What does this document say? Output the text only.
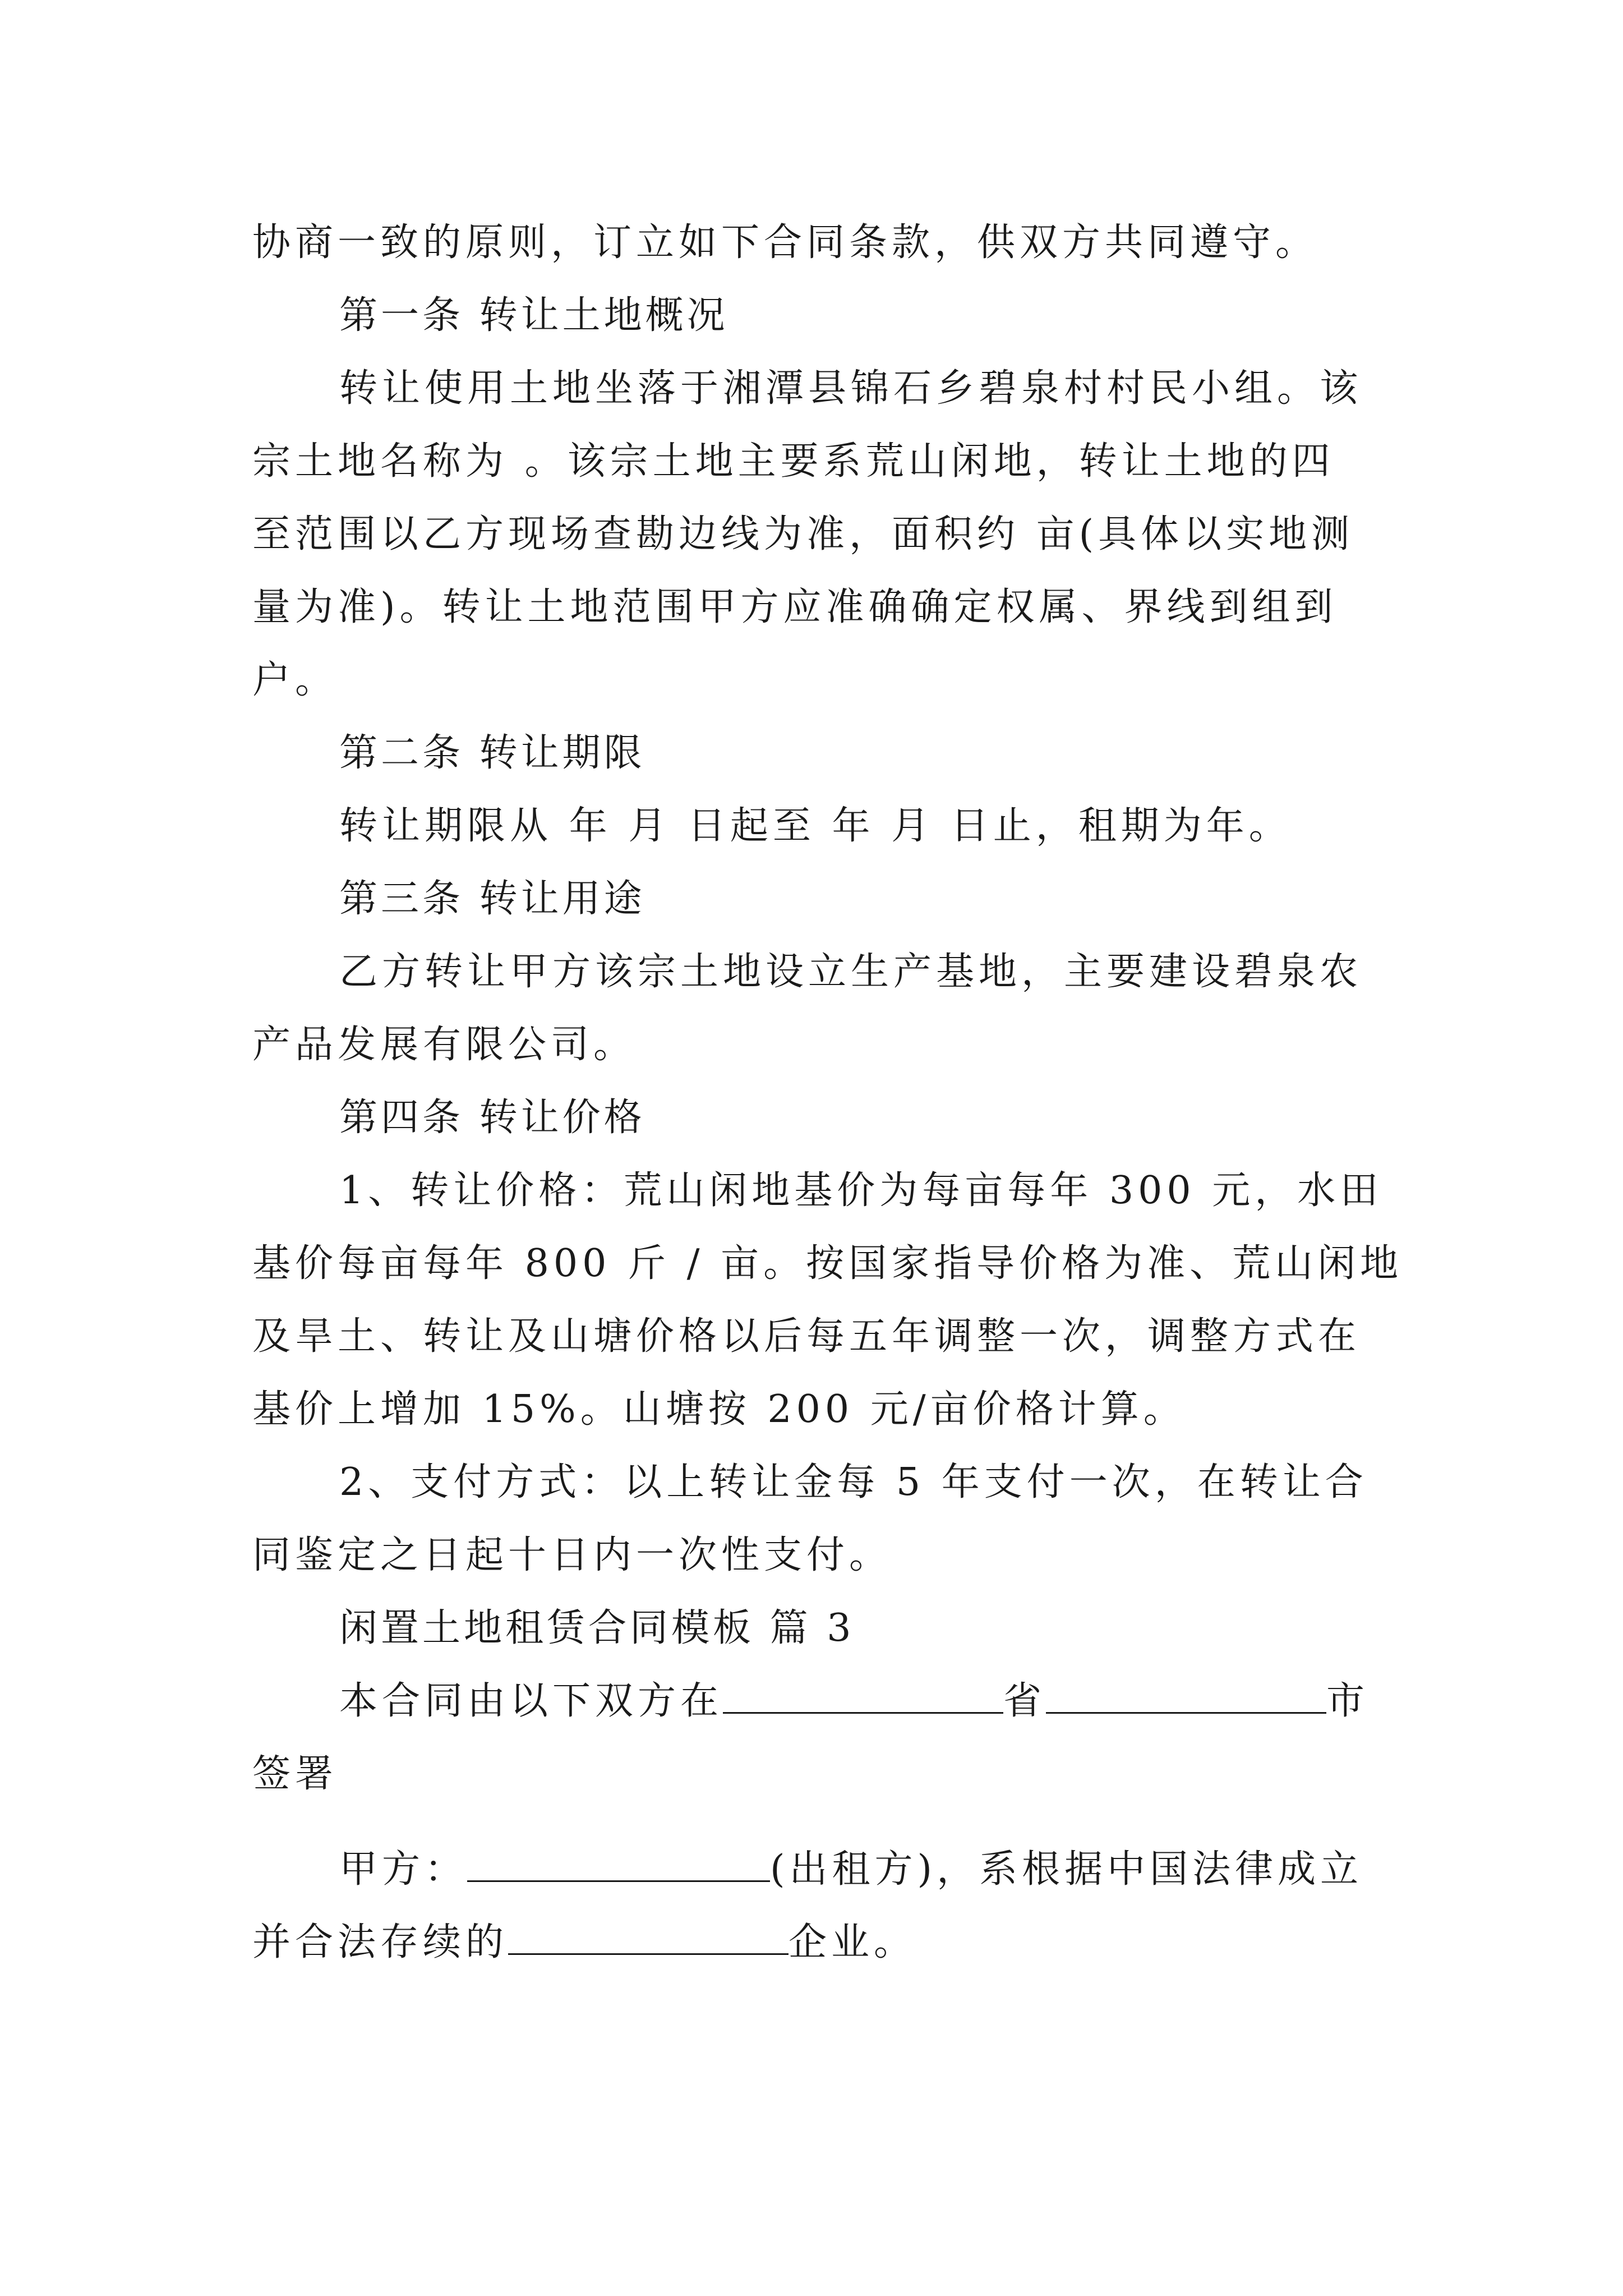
协商一致的原则，订立如下合同条款，供双方共同遵守。
第一条 转让土地概况
转让使用土地坐落于湘潭县锦石乡碧泉村村民小组。该
宗土地名称为 。该宗土地主要系荒山闲地，转让土地的四
至范围以乙方现场查勘边线为准，面积约 亩(具体以实地测
量为准)。转让土地范围甲方应准确确定权属、界线到组到
户。
第二条 转让期限
转让期限从 年 月 日起至 年 月 日止，租期为年。
第三条 转让用途
乙方转让甲方该宗土地设立生产基地，主要建设碧泉农
产品发展有限公司。
第四条 转让价格
1、转让价格：荒山闲地基价为每亩每年 300 元，水田
基价每亩每年 800 斤 / 亩。按国家指导价格为准、荒山闲地
及旱土、转让及山塘价格以后每五年调整一次，调整方式在
基价上增加 15%。山塘按 200 元/亩价格计算。
2、支付方式：以上转让金每 5 年支付一次，在转让合
同鉴定之日起十日内一次性支付。
闲置土地租赁合同模板 篇 3
本合同由以下双方在	省	市
签署
甲方：	(出租方)，系根据中国法律成立
并合法存续的	企业。
